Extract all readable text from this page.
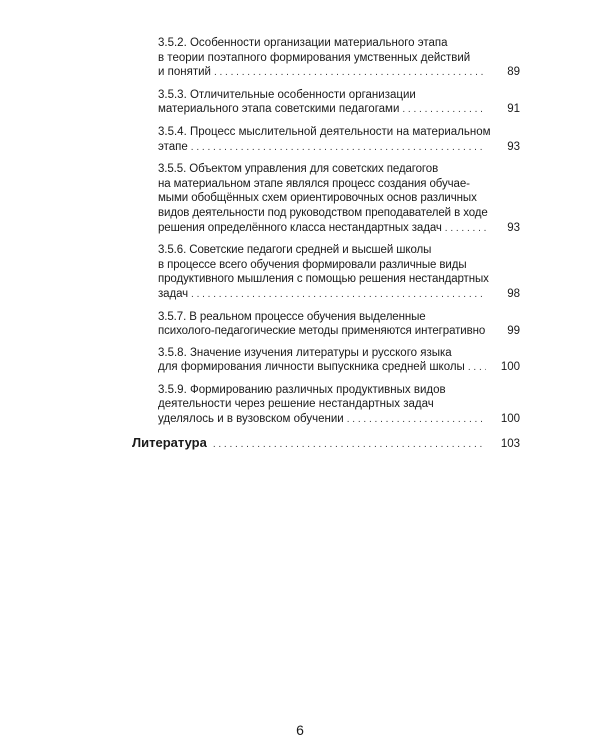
3.5.2. Особенности организации материального этапа
в теории поэтапного формирования умственных действий
и понятий . . .	89
3.5.3. Отличительные особенности организации
материального этапа советскими педагогами . . .	91
3.5.4. Процесс мыслительной деятельности на материальном
этапе . . .	93
3.5.5. Объектом управления для советских педагогов
на материальном этапе являлся процесс создания обучае-
мыми обобщённых схем ориентировочных основ различных
видов деятельности под руководством преподавателей в ходе
решения определённого класса нестандартных задач . . .	93
3.5.6. Советские педагоги средней и высшей школы
в процессе всего обучения формировали различные виды
продуктивного мышления с помощью решения нестандартных
задач . . .	98
3.5.7. В реальном процессе обучения выделенные
психолого-педагогические методы применяются интегративно	99
3.5.8. Значение изучения литературы и русского языка
для формирования личности выпускника средней школы . . .	100
3.5.9. Формированию различных продуктивных видов
деятельности через решение нестандартных задач
уделялось и в вузовском обучении . . .	100
Литература . . .	103
6
